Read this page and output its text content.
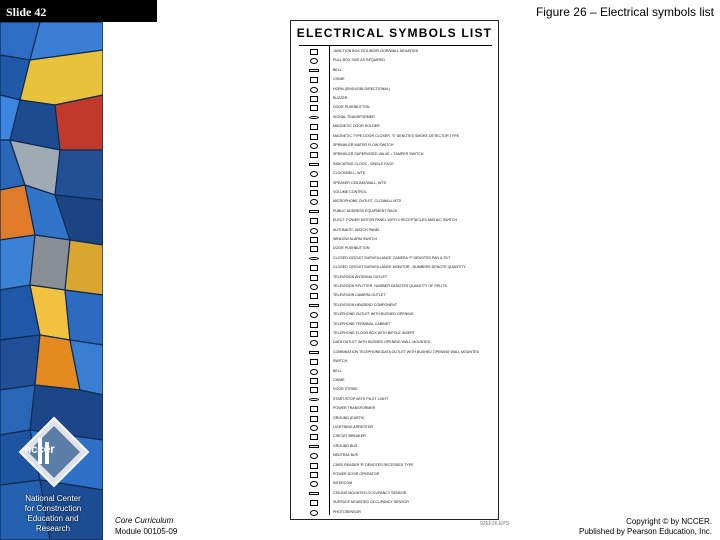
Slide 42
nccer
National Center
for Construction
Education and
Research
Figure 26 – Electrical symbols list
ELECTRICAL SYMBOLS LIST
JUNCTION BOX CEILING/FLOOR/WALL MOUNTED
PULL BOX SIZE AS REQUIRED
BELL
CHIME
HORN (SINGLE/BI-DIRECTIONAL)
BUZZER
DOOR PUSHBUTTON
SIGNAL TRANSFORMER
MAGNETIC DOOR HOLDER
MAGNETIC TYPE DOOR CLOSER, 'S' DENOTES SMOKE DETECTOR TYPE
SPRINKLER WATER FLOW SWITCH
SPRINKLER SUPERVISED VALVE = TAMPER SWITCH
INDICATING CLOCK - SINGLE FACE
CLOCK/BELL, WTD
SPEAKER CEILING/WALL, WTD
VOLUME CONTROL
MICROPHONE OUTLET, CLG/WALL MTD
PUBLIC ADDRESS EQUIPMENT RACK
ELECT. POWER MOTOR PANEL WITH 4 RECEPTACLES AND A/C SWITCH
AUTOMATIC WATCH PANEL
WINDOW ALARM SWITCH
DOOR PUSHBUTTON
CLOSED CIRCUIT SURVEILLANCE CAMERA 'P' DENOTES PAN & TILT
CLOSED CIRCUIT SURVEILLANCE MONITOR - NUMBERS DENOTE QUANTITY
TELEVISION ANTENNA OUTLET
TELEVISION SPLITTER, NUMBER DENOTES QUANTITY OF SPLITS
TELEVISION CAMERA OUTLET
TELEVISION HEADEND COMPONENT
TELEPHONE OUTLET WITH BUSHED OPENING
TELEPHONE TERMINAL CABINET
TELEPHONE FLOOR BOX WITH BIPOLE INSERT
DATA OUTLET WITH BUSHED OPENING WALL MOUNTED
COMBINATION TELEPHONE/DATA OUTLET WITH BUSHED OPENING WALL MOUNTED
SWITCH
BELL
CHIME
DOOR STRIKE
START/STOP WITH PILOT LIGHT
POWER TRANSFORMER
GROUND (EARTH)
LIGHTNING ARRESTER
CIRCUIT BREAKER
GROUND BUS
NEUTRAL BUS
CARD READER 'R' DENOTES RECESSED TYPE
POWER DOOR OPERATOR
INTERCOM
CEILING MOUNTED OCCUPANCY SENSOR
SURFACE MOUNTED OCCUPANCY SENSOR
PHOTOSENSOR
92EF26.EPS
Core Curriculum
Module 00105-09
Copyright © by NCCER.
Published by Pearson Education, Inc.
